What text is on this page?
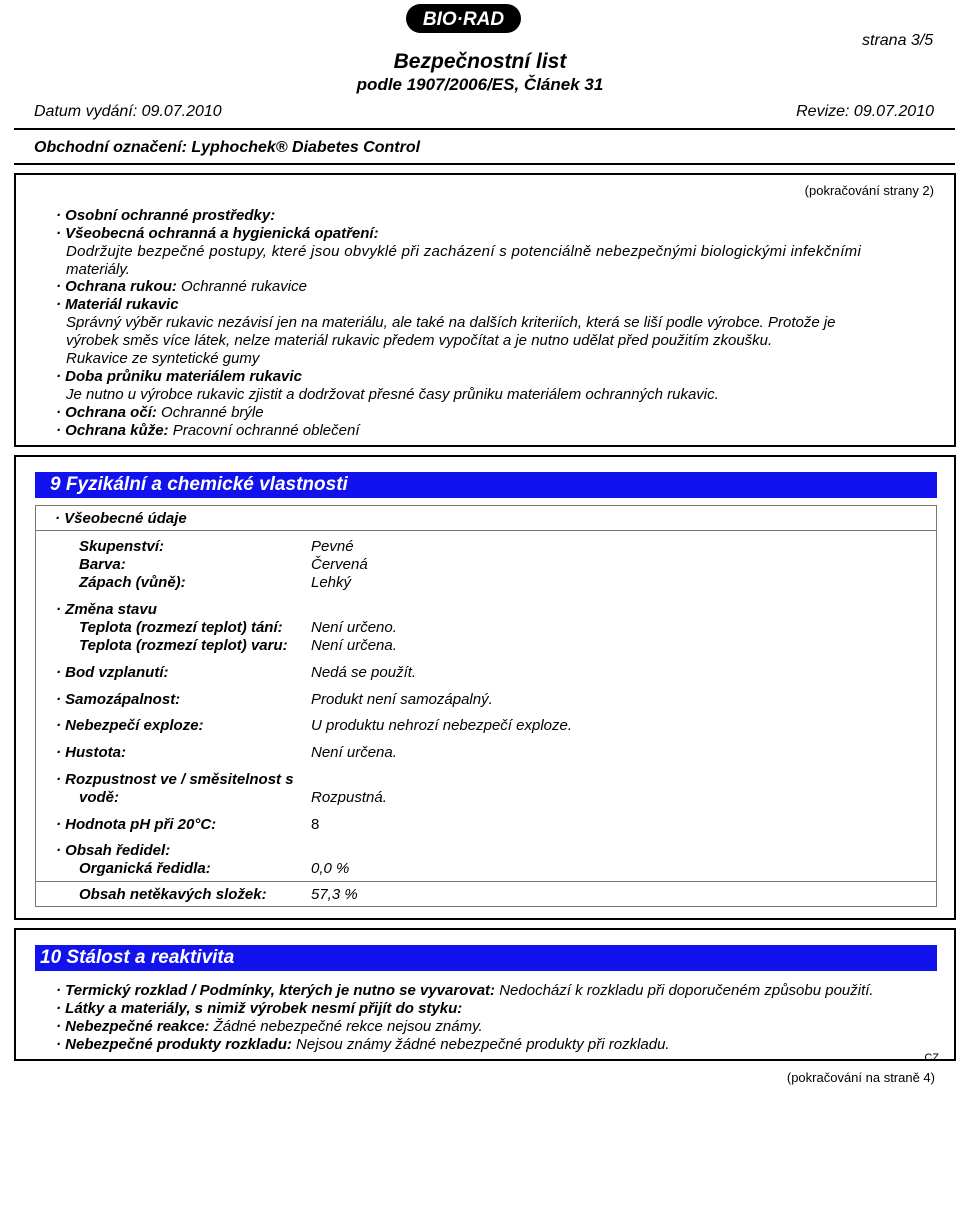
BIO·RAD
strana 3/5
Bezpečnostní list
podle 1907/2006/ES, Článek 31
Datum vydání: 09.07.2010	Revize: 09.07.2010
Obchodní označení: Lyphochek® Diabetes Control
(pokračování strany 2)
· Osobní ochranné prostředky:
· Všeobecná ochranná a hygienická opatření:
Dodržujte bezpečné postupy, které jsou obvyklé při zacházení s potenciálně nebezpečnými biologickými infekčními
materiály.
· Ochrana rukou: Ochranné rukavice
· Materiál rukavic
Správný výběr rukavic nezávisí jen na materiálu, ale také na dalších kriteriích, která se liší podle výrobce. Protože je
výrobek směs více látek, nelze materiál rukavic předem vypočítat a je nutno udělat před použitím zkoušku.
Rukavice ze syntetické gumy
· Doba průniku materiálem rukavic
Je nutno u výrobce rukavic zjistit a dodržovat přesné časy průniku materiálem ochranných rukavic.
· Ochrana očí: Ochranné brýle
· Ochrana kůže: Pracovní ochranné oblečení
9 Fyzikální a chemické vlastnosti
· Všeobecné údaje
Skupenství:	Pevné
Barva:	Červená
Zápach (vůně):	Lehký
· Změna stavu
Teplota (rozmezí teplot) tání: Není určeno.
Teplota (rozmezí teplot) varu: Není určena.
· Bod vzplanutí:	Nedá se použít.
· Samozápalnost:	Produkt není samozápalný.
· Nebezpečí exploze:	U produktu nehrozí nebezpečí exploze.
· Hustota:	Není určena.
· Rozpustnost ve / směsitelnost s
vodě:	Rozpustná.
· Hodnota pH při 20°C:	8
· Obsah ředidel:
Organická ředidla:	0,0 %
Obsah netěkavých složek:	57,3 %
10 Stálost a reaktivita
· Termický rozklad / Podmínky, kterých je nutno se vyvarovat: Nedochází k rozkladu při doporučeném způsobu použití.
· Látky a materiály, s nimiž výrobek nesmí přijít do styku:
· Nebezpečné reakce: Žádné nebezpečné rekce nejsou známy.
· Nebezpečné produkty rozkladu: Nejsou známy žádné nebezpečné produkty při rozkladu.
CZ
(pokračování na straně 4)
